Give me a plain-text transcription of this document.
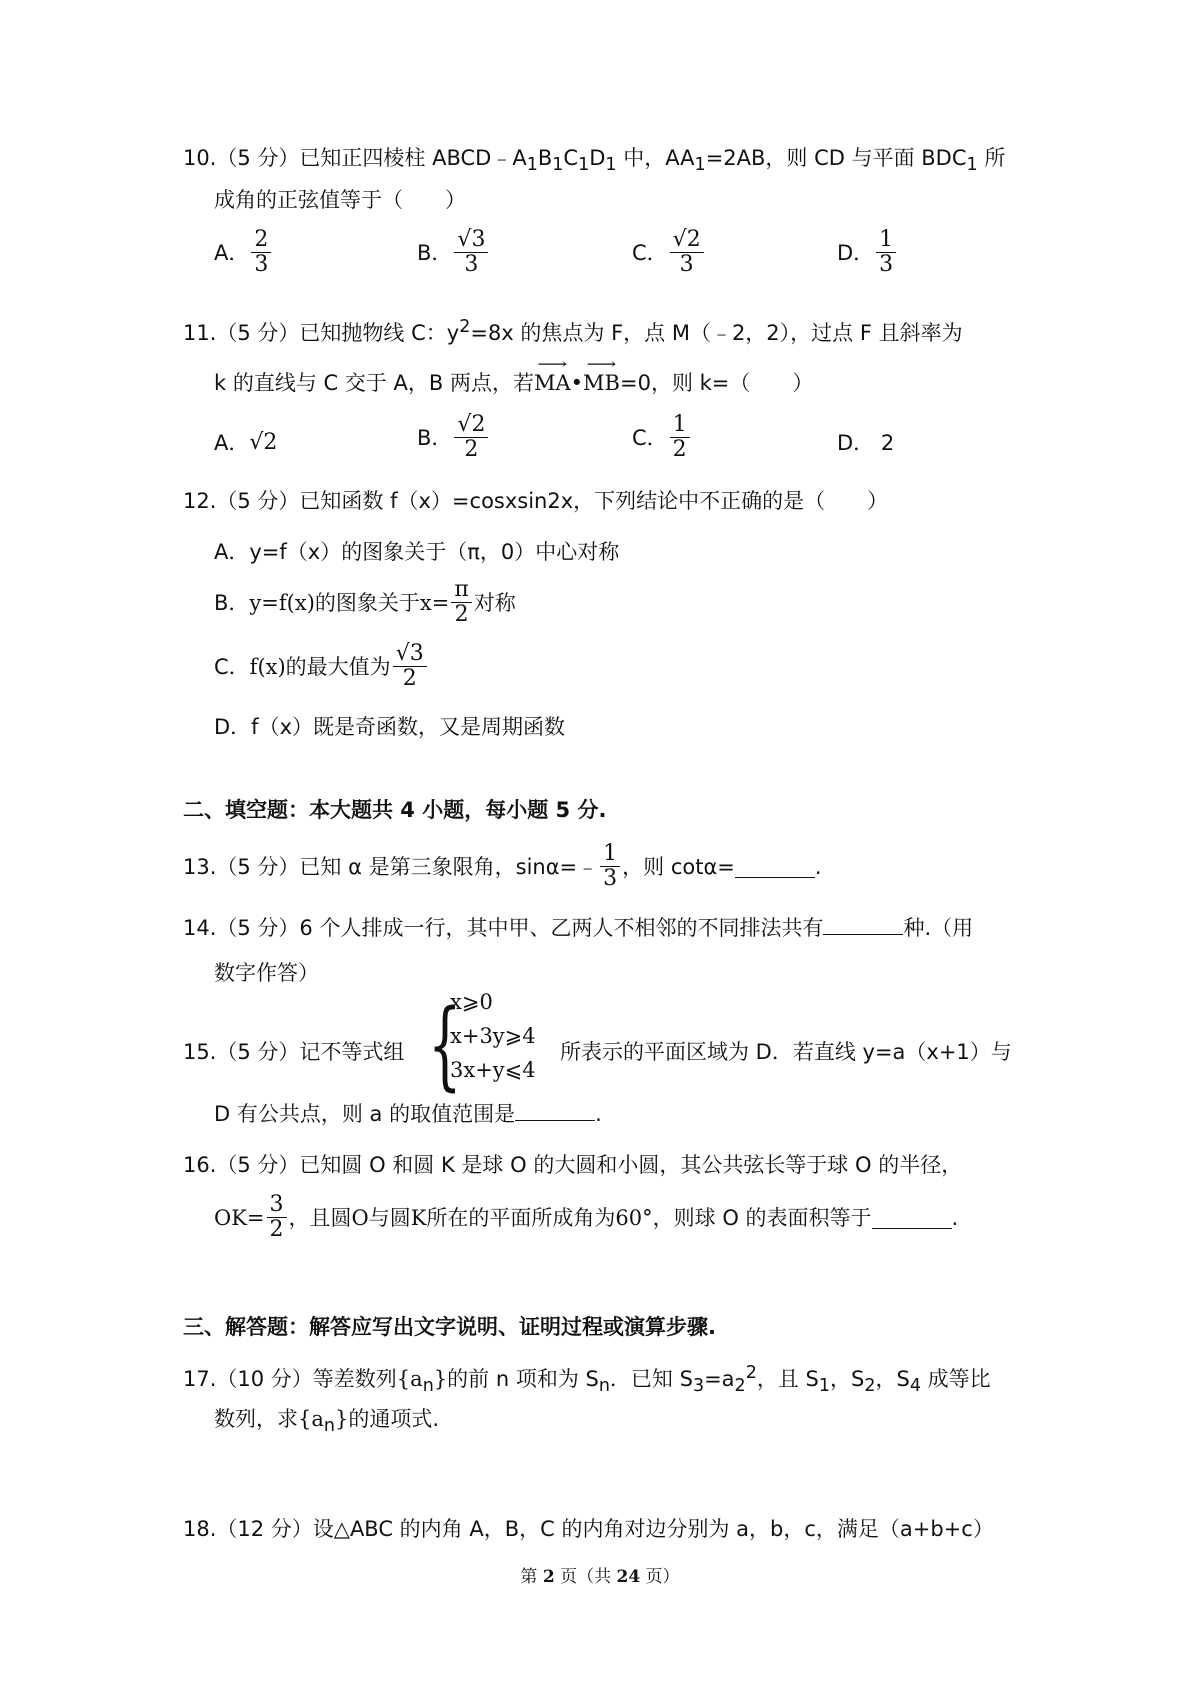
10.（5 分）已知正四棱柱 $ABCD﹣A_1B_1C_1D_1$ 中，$AA_1=2AB$，则 CD 与平面 $BDC_1$ 所
成角的正弦值等于（　　）
A． $\frac{2}{3}$	B． $\frac{√3}{3}$	C． $\frac{√2}{3}$	D． $\frac{1}{3}$
11.（5 分）已知抛物线 C：$y^2=8x$ 的焦点为 F，点 M（﹣2，2），过点 F 且斜率为
k 的直线与 C 交于 A，B 两点，若⟶ MA•⟶ MB=0，则 k=（　　）
A． √2	B． $\frac{√2}{2}$	C． $\frac{1}{2}$	D． 2
12.（5 分）已知函数 f（x）=cosxsin2x，下列结论中不正确的是（　　）
A．y=f（x）的图象关于（π，0）中心对称
B． y=f(x)的图象关于$x= \frac{\pi}{2}$ 对称
C． f(x)的最大值为 $\frac{√3}{2}$
D．f（x）既是奇函数，又是周期函数
二、填空题：本大题共 4 小题，每小题 5 分.
13.（5 分）已知 α 是第三象限角，sinα=﹣ $\frac{1}{3}$ ，则 cotα=	.
14.（5 分）6 个人排成一行，其中甲、乙两人不相邻的不同排法共有	种.（用
数字作答）
15.（5 分）记不等式组 {
x⩾0
x+3y⩾4
3x+y⩽4
所表示的平面区域为 D．若直线 y=a（x+1）与
D 有公共点，则 a 的取值范围是	.
16.（5 分）已知圆 O 和圆 K 是球 O 的大圆和小圆，其公共弦长等于球 O 的半径，
$OK= \frac{3}{2}$ ，且圆O与圆K所在的平面所成角为60° ，则球 O 的表面积等于	.
三、解答题：解答应写出文字说明、证明过程或演算步骤.
17.（10 分）等差数列$\{a_n\}$的前 n 项和为 $S_n$．已知 $S_3=a_2^2$，且 $S_1$，$S_2$，$S_4$ 成等比
数列，求$\{a_n\}$的通项式.
18.（12 分）设△ABC 的内角 A，B，C 的内角对边分别为 a，b，c，满足（a+b+c）
第 2 页（共 24 页）
